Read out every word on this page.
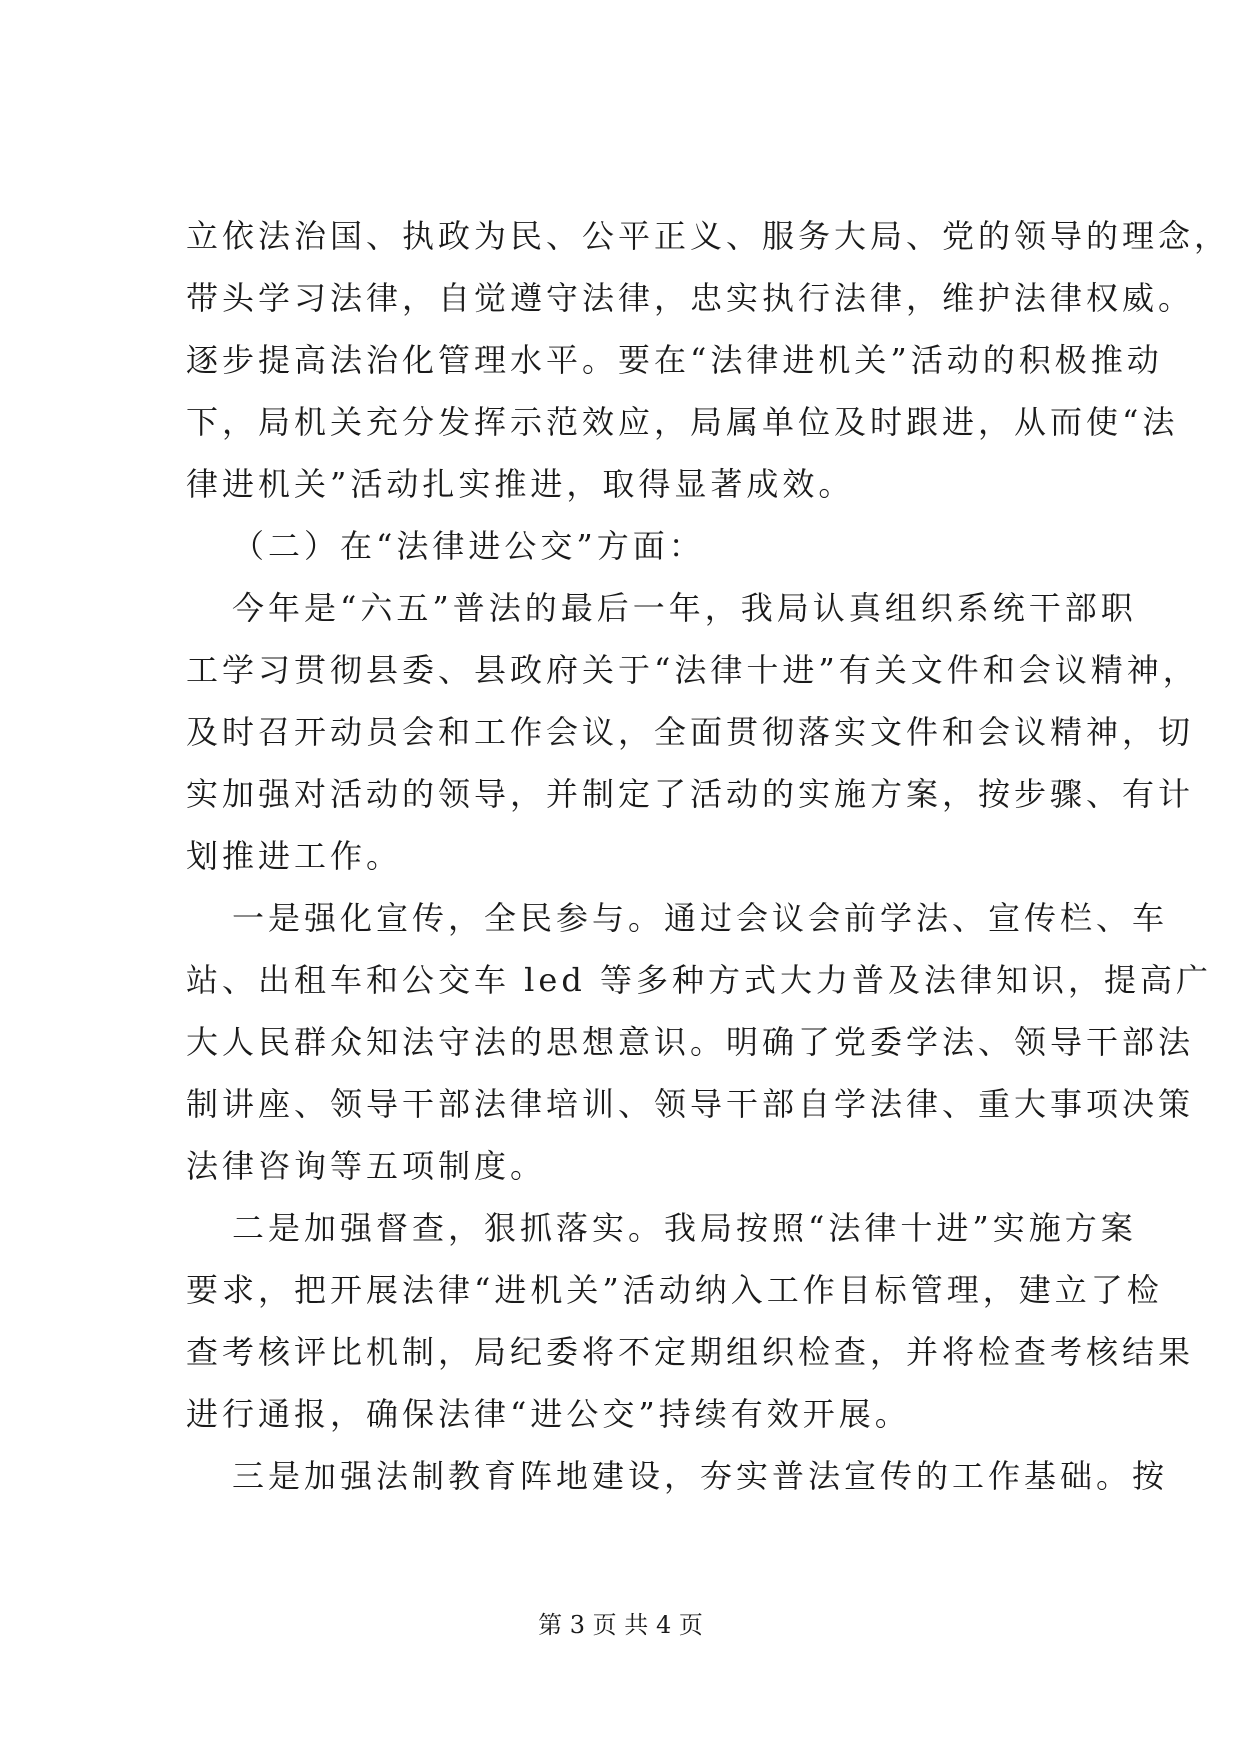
立依法治国、执政为民、公平正义、服务大局、党的领导的理念，
带头学习法律，自觉遵守法律，忠实执行法律，维护法律权威。
逐步提高法治化管理水平。要在“法律进机关”活动的积极推动
下，局机关充分发挥示范效应，局属单位及时跟进，从而使“法
律进机关”活动扎实推进，取得显著成效。
（二）在“法律进公交”方面：
今年是“六五”普法的最后一年，我局认真组织系统干部职
工学习贯彻县委、县政府关于“法律十进”有关文件和会议精神，
及时召开动员会和工作会议，全面贯彻落实文件和会议精神，切
实加强对活动的领导，并制定了活动的实施方案，按步骤、有计
划推进工作。
一是强化宣传，全民参与。通过会议会前学法、宣传栏、车
站、出租车和公交车 led 等多种方式大力普及法律知识，提高广
大人民群众知法守法的思想意识。明确了党委学法、领导干部法
制讲座、领导干部法律培训、领导干部自学法律、重大事项决策
法律咨询等五项制度。
二是加强督查，狠抓落实。我局按照“法律十进”实施方案
要求，把开展法律“进机关”活动纳入工作目标管理，建立了检
查考核评比机制，局纪委将不定期组织检查，并将检查考核结果
进行通报，确保法律“进公交”持续有效开展。
三是加强法制教育阵地建设，夯实普法宣传的工作基础。按
第 3 页 共 4 页
